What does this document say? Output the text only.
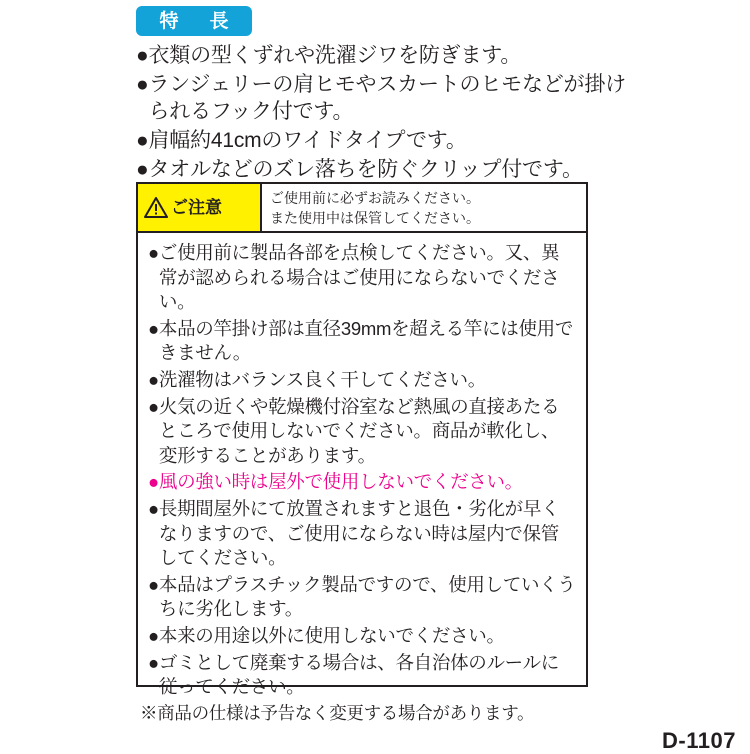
特　長
● 衣類の型くずれや洗濯ジワを防ぎます。
● ランジェリーの肩ヒモやスカートのヒモなどが掛けられるフック付です。
● 肩幅約41cmのワイドタイプです。
● タオルなどのズレ落ちを防ぐクリップ付です。
ご注意	ご使用前に必ずお読みください。
また使用中は保管してください。
● ご使用前に製品各部を点検してください。又、異常が認められる場合はご使用にならないでください。
● 本品の竿掛け部は直径39mmを超える竿には使用できません。
● 洗濯物はバランス良く干してください。
● 火気の近くや乾燥機付浴室など熱風の直接あたるところで使用しないでください。商品が軟化し、変形することがあります。
● 風の強い時は屋外で使用しないでください。
● 長期間屋外にて放置されますと退色・劣化が早くなりますので、ご使用にならない時は屋内で保管してください。
● 本品はプラスチック製品ですので、使用していくうちに劣化します。
● 本来の用途以外に使用しないでください。
● ゴミとして廃棄する場合は、各自治体のルールに従ってください。
※商品の仕様は予告なく変更する場合があります。
D-1107
